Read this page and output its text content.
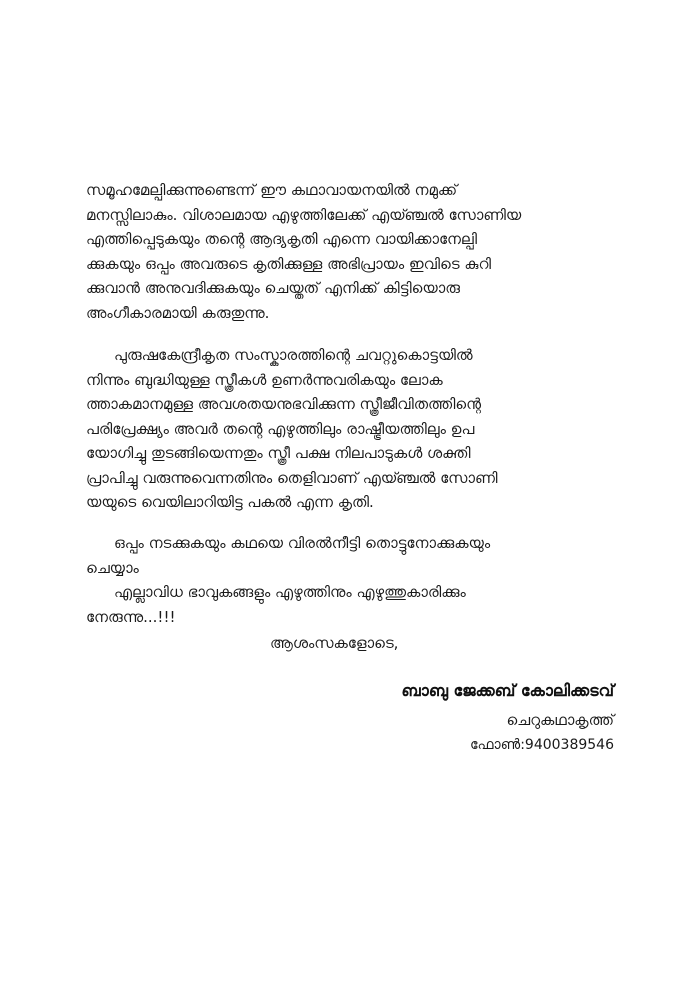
സമൂഹമേല്പിക്കുന്നുണ്ടെന്ന് ഈ കഥാവായനയിൽ നമുക്ക്
മനസ്സിലാകും. വിശാലമായ എഴുത്തിലേക്ക് എയ്ഞ്ചൽ സോണിയ
എത്തിപ്പെടുകയും തന്റെ ആദ്യകൃതി എന്നെ വായിക്കാനേല്പി
ക്കുകയും ഒപ്പം അവരുടെ കൃതിക്കുള്ള അഭിപ്രായം ഇവിടെ കുറി
ക്കുവാൻ അനുവദിക്കുകയും ചെയ്തത് എനിക്ക് കിട്ടിയൊരു
അംഗീകാരമായി കരുതുന്നു.
പുരുഷകേന്ദ്രീകൃത സംസ്കാരത്തിന്റെ ചവറ്റുകൊട്ടയിൽ
നിന്നും ബുദ്ധിയുള്ള സ്ത്രീകൾ ഉണർന്നുവരികയും ലോക
ത്താകമാനമുള്ള അവശതയനുഭവിക്കുന്ന സ്ത്രീജീവിതത്തിന്റെ
പരിപ്രേക്ഷ്യം അവർ തന്റെ എഴുത്തിലും രാഷ്ട്രീയത്തിലും ഉപ
യോഗിച്ചു തുടങ്ങിയെന്നതും സ്ത്രീ പക്ഷ നിലപാടുകൾ ശക്തി
പ്രാപിച്ചു വരുന്നുവെന്നതിനും തെളിവാണ് എയ്ഞ്ചൽ സോണി
യയുടെ വെയിലാറിയിട്ട പകൽ എന്ന കൃതി.
ഒപ്പം നടക്കുകയും കഥയെ വിരൽനീട്ടി തൊട്ടുനോക്കുകയും
ചെയ്യാം
എല്ലാവിധ ഭാവുകങ്ങളും എഴുത്തിനും എഴുത്തുകാരിക്കും
നേരുന്നു...!!!
ആശംസകളോടെ,
ബാബു ജേക്കബ് കോലിക്കടവ്
ചെറുകഥാകൃത്ത്
ഫോൺ:9400389546
